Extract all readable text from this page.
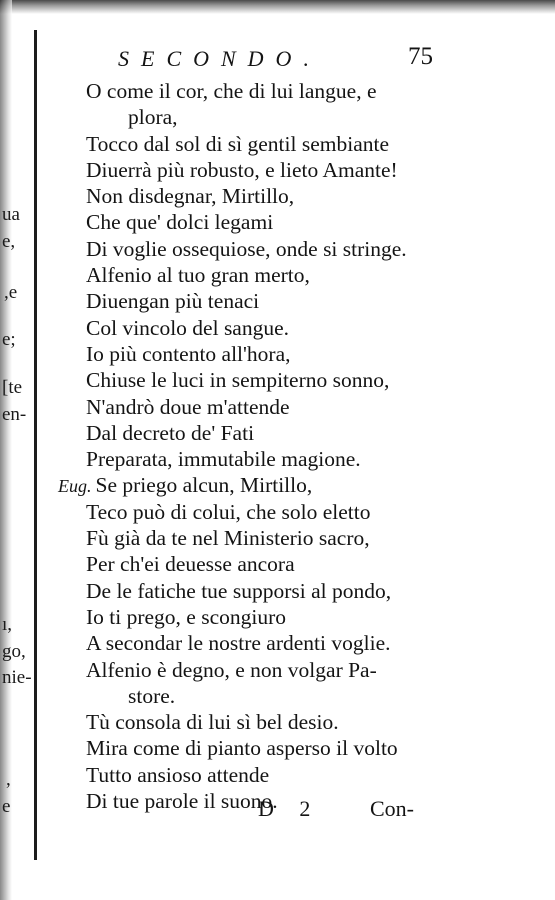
ua
e,
,e
e;
[te
en-
ı,
go,
nie-
,
e
SECONDO.	75
O come il cor, che di lui langue, e
plora,
Tocco dal sol di sì gentil sembiante
Diuerrà più robusto, e lieto Amante!
Non disdegnar, Mirtillo,
Che que' dolci legami
Di voglie ossequiose, onde si stringe.
Alfenio al tuo gran merto,
Diuengan più tenaci
Col vincolo del sangue.
Io più contento all'hora,
Chiuse le luci in sempiterno sonno,
N'andrò doue m'attende
Dal decreto de' Fati
Preparata, immutabile magione.
Eug. Se priego alcun, Mirtillo,
Teco può di colui, che solo eletto
Fù già da te nel Ministerio sacro,
Per ch'ei deuesse ancora
De le fatiche tue supporsi al pondo,
Io ti prego, e scongiuro
A secondar le nostre ardenti voglie.
Alfenio è degno, e non volgar Pa-
store.
Tù consola di lui sì bel desio.
Mira come di pianto asperso il volto
Tutto ansioso attende
Di tue parole il suono.
D 2 Con-
